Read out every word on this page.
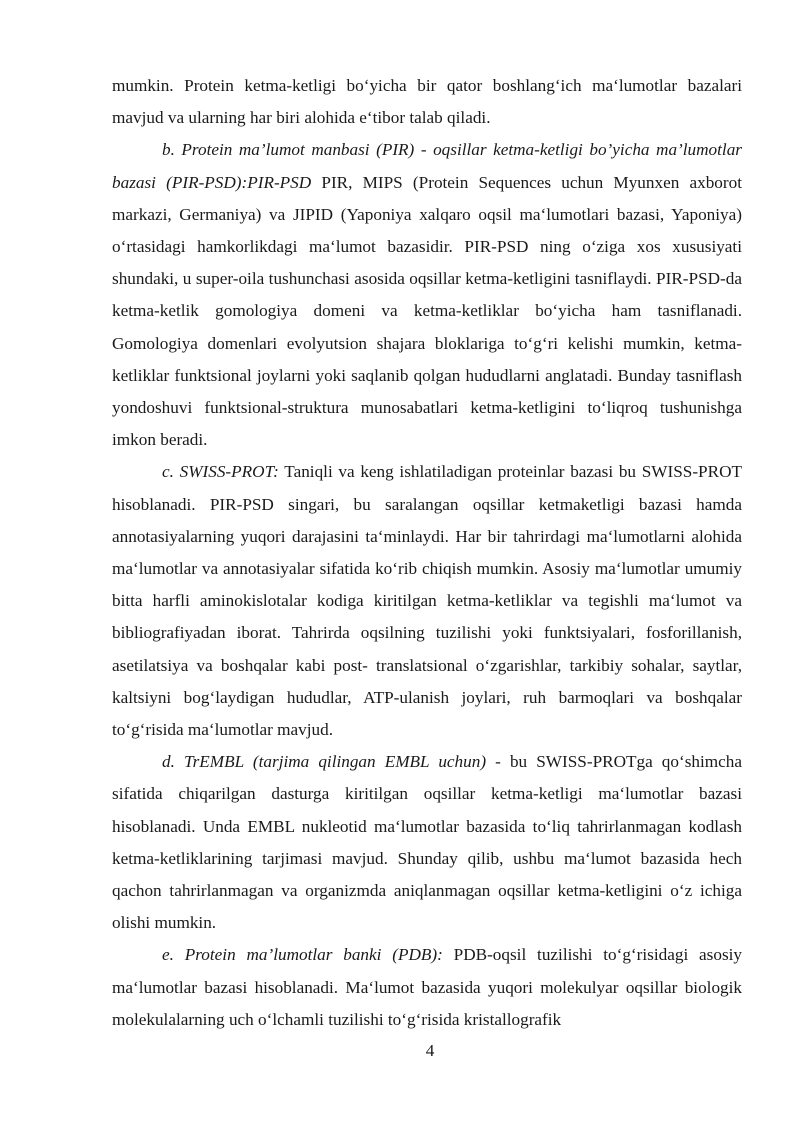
mumkin. Protein ketma-ketligi bo‘yicha bir qator boshlang‘ich ma‘lumotlar bazalari mavjud va ularning har biri alohida e‘tibor talab qiladi.

b. Protein ma’lumot manbasi (PIR) - oqsillar ketma-ketligi bo’yicha ma’lumotlar bazasi (PIR-PSD):PIR-PSD PIR, MIPS (Protein Sequences uchun Myunxen axborot markazi, Germaniya) va JIPID (Yaponiya xalqaro oqsil ma‘lumotlari bazasi, Yaponiya) o‘rtasidagi hamkorlikdagi ma‘lumot bazasidir. PIR-PSD ning o‘ziga xos xususiyati shundaki, u super-oila tushunchasi asosida oqsillar ketma-ketligini tasniflaydi. PIR-PSD-da ketma-ketlik gomologiya domeni va ketma-ketliklar bo‘yicha ham tasniflanadi. Gomologiya domenlari evolyutsion shajara bloklariga to‘g‘ri kelishi mumkin, ketma-ketliklar funktsional joylarni yoki saqlanib qolgan hududlarni anglatadi. Bunday tasniflash yondoshuvi funktsional-struktura munosabatlari ketma-ketligini to‘liqroq tushunishga imkon beradi.

c. SWISS-PROT: Taniqli va keng ishlatiladigan proteinlar bazasi bu SWISS-PROT hisoblanadi. PIR-PSD singari, bu saralangan oqsillar ketmaketligi bazasi hamda annotasiyalarning yuqori darajasini ta‘minlaydi. Har bir tahrirdagi ma‘lumotlarni alohida ma‘lumotlar va annotasiyalar sifatida ko‘rib chiqish mumkin. Asosiy ma‘lumotlar umumiy bitta harfli aminokislotalar kodiga kiritilgan ketma-ketliklar va tegishli ma‘lumot va bibliografiyadan iborat. Tahrirda oqsilning tuzilishi yoki funktsiyalari, fosforillanish, asetilatsiya va boshqalar kabi post- translatsional o‘zgarishlar, tarkibiy sohalar, saytlar, kaltsiyni bog‘laydigan hududlar, ATP-ulanish joylari, ruh barmoqlari va boshqalar to‘g‘risida ma‘lumotlar mavjud.

d. TrEMBL (tarjima qilingan EMBL uchun) - bu SWISS-PROTga qo‘shimcha sifatida chiqarilgan dasturga kiritilgan oqsillar ketma-ketligi ma‘lumotlar bazasi hisoblanadi. Unda EMBL nukleotid ma‘lumotlar bazasida to‘liq tahrirlanmagan kodlash ketma-ketliklarining tarjimasi mavjud. Shunday qilib, ushbu ma‘lumot bazasida hech qachon tahrirlanmagan va organizmda aniqlanmagan oqsillar ketma-ketligini o‘z ichiga olishi mumkin.

e. Protein ma’lumotlar banki (PDB): PDB-oqsil tuzilishi to‘g‘risidagi asosiy ma‘lumotlar bazasi hisoblanadi. Ma‘lumot bazasida yuqori molekulyar oqsillar biologik molekulalarning uch o‘lchamli tuzilishi to‘g‘risida kristallografik

4
